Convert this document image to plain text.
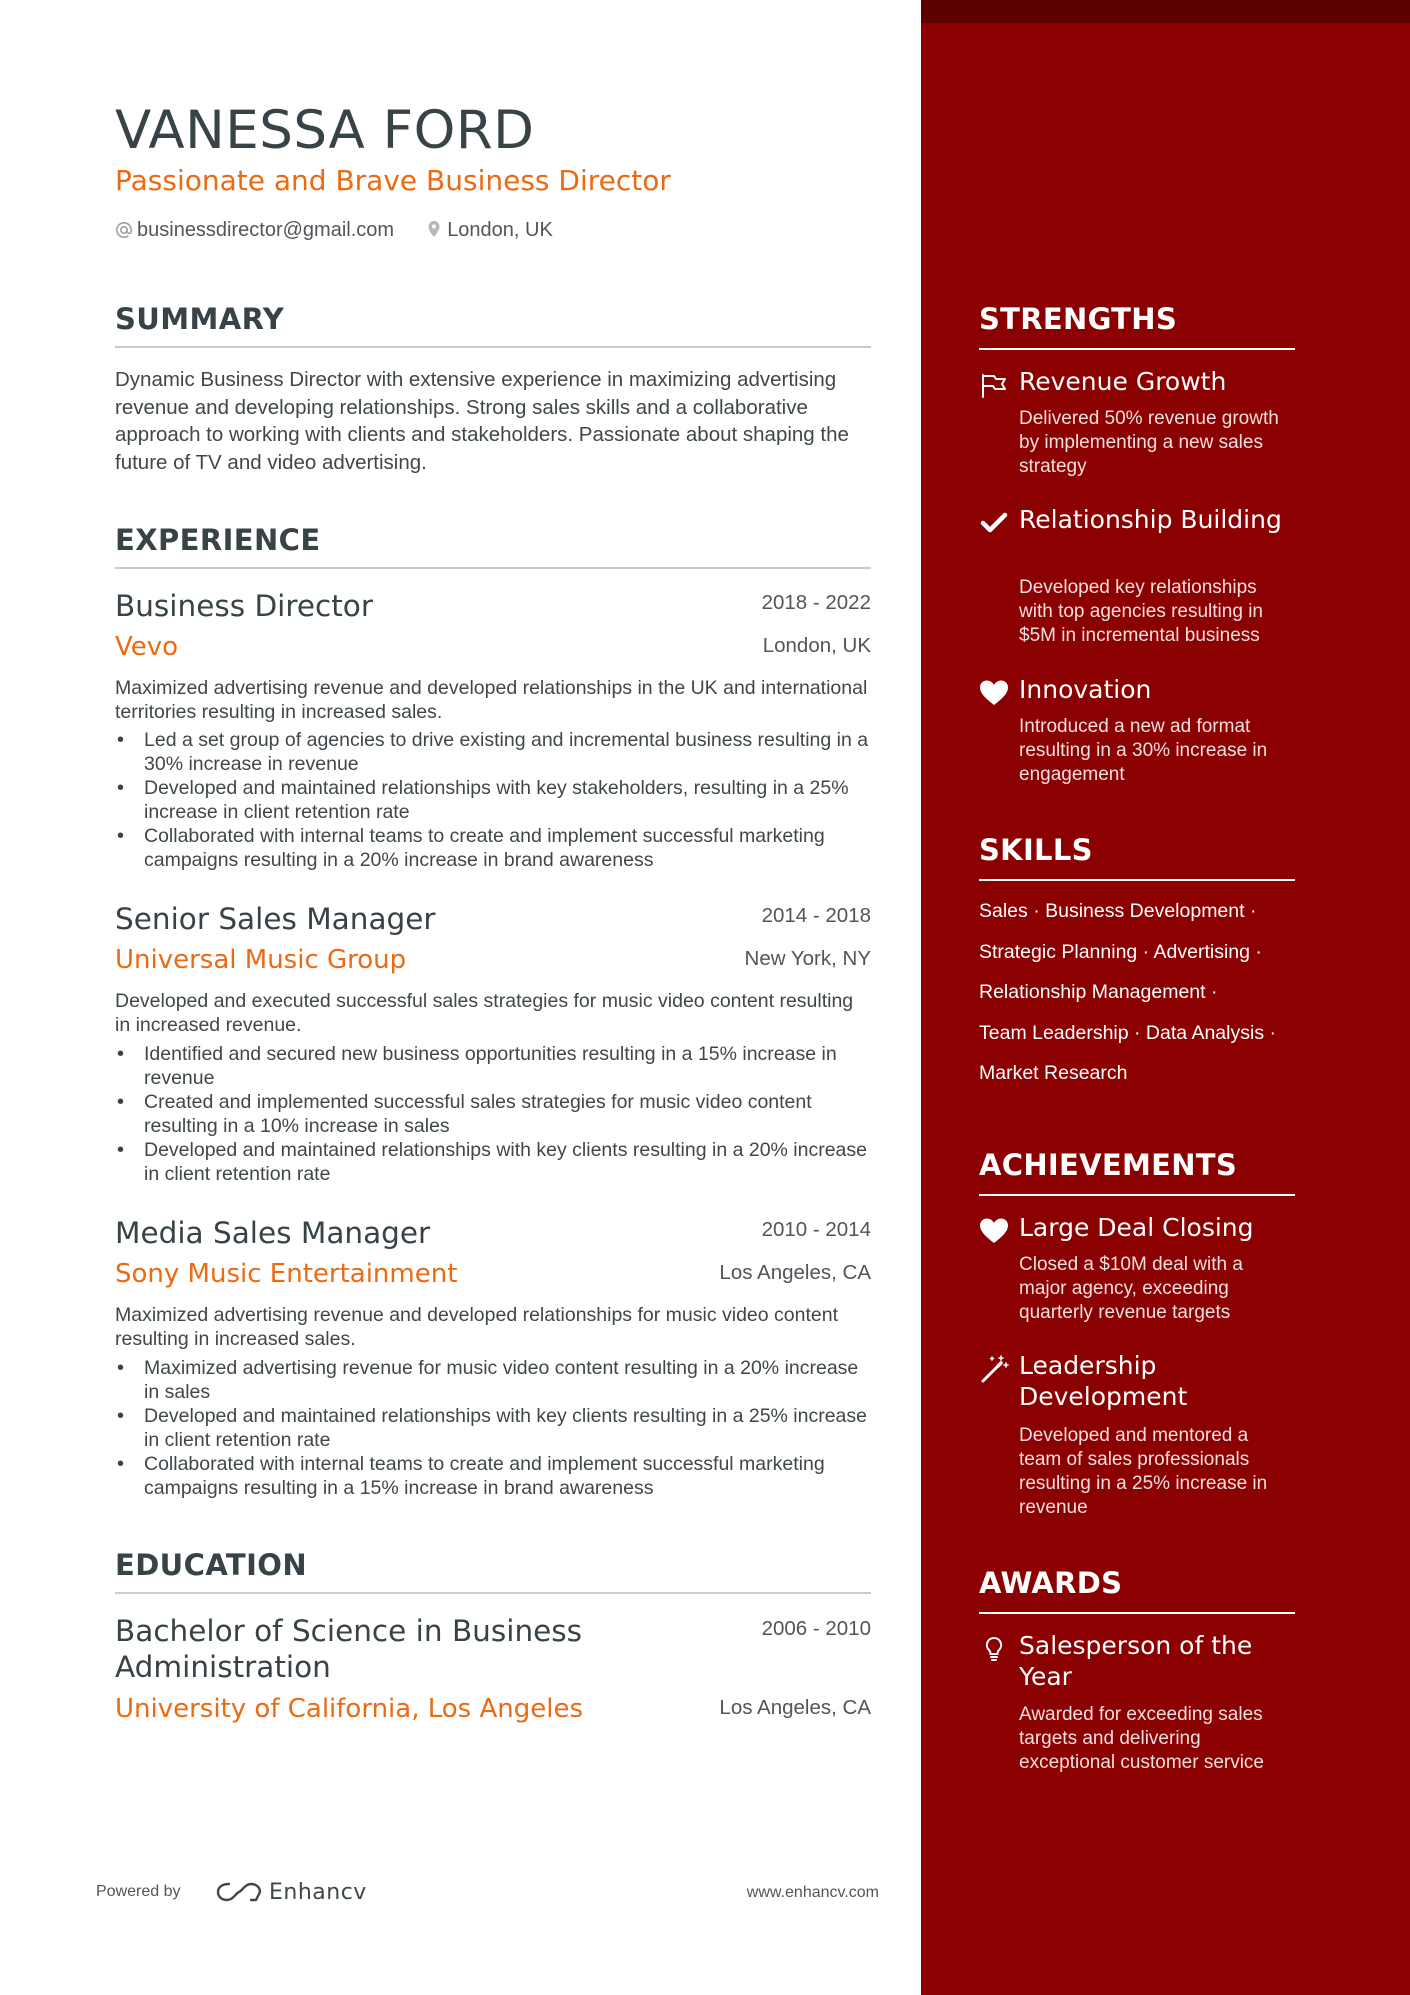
VANESSA FORD
Passionate and Brave Business Director
businessdirector@gmail.com	London, UK
SUMMARY

Dynamic Business Director with extensive experience in maximizing advertising revenue and developing relationships. Strong sales skills and a collaborative approach to working with clients and stakeholders. Passionate about shaping the future of TV and video advertising.

EXPERIENCE
Business Director	2018 - 2022
Vevo	London, UK
Maximized advertising revenue and developed relationships in the UK and international territories resulting in increased sales.
• Led a set group of agencies to drive existing and incremental business resulting in a 30% increase in revenue
• Developed and maintained relationships with key stakeholders, resulting in a 25% increase in client retention rate
• Collaborated with internal teams to create and implement successful marketing campaigns resulting in a 20% increase in brand awareness
Senior Sales Manager	2014 - 2018
Universal Music Group	New York, NY
Developed and executed successful sales strategies for music video content resulting in increased revenue.
• Identified and secured new business opportunities resulting in a 15% increase in revenue
• Created and implemented successful sales strategies for music video content resulting in a 10% increase in sales
• Developed and maintained relationships with key clients resulting in a 20% increase in client retention rate
Media Sales Manager	2010 - 2014
Sony Music Entertainment	Los Angeles, CA
Maximized advertising revenue and developed relationships for music video content resulting in increased sales.
• Maximized advertising revenue for music video content resulting in a 20% increase in sales
• Developed and maintained relationships with key clients resulting in a 25% increase in client retention rate
• Collaborated with internal teams to create and implement successful marketing campaigns resulting in a 15% increase in brand awareness
EDUCATION
Bachelor of Science in Business Administration
2006 - 2010
University of California, Los Angeles	Los Angeles, CA
Powered by	Enhancv	www.enhancv.com
STRENGTHS
Revenue Growth
Delivered 50% revenue growth by implementing a new sales strategy
Relationship Building
Developed key relationships with top agencies resulting in $5M in incremental business
Innovation
Introduced a new ad format resulting in a 30% increase in engagement
SKILLS
Sales · Business Development ·
Strategic Planning · Advertising ·
Relationship Management ·
Team Leadership · Data Analysis ·
Market Research
ACHIEVEMENTS
Large Deal Closing
Closed a $10M deal with a major agency, exceeding quarterly revenue targets
Leadership Development
Developed and mentored a team of sales professionals resulting in a 25% increase in revenue
AWARDS
Salesperson of the Year
Awarded for exceeding sales targets and delivering exceptional customer service
